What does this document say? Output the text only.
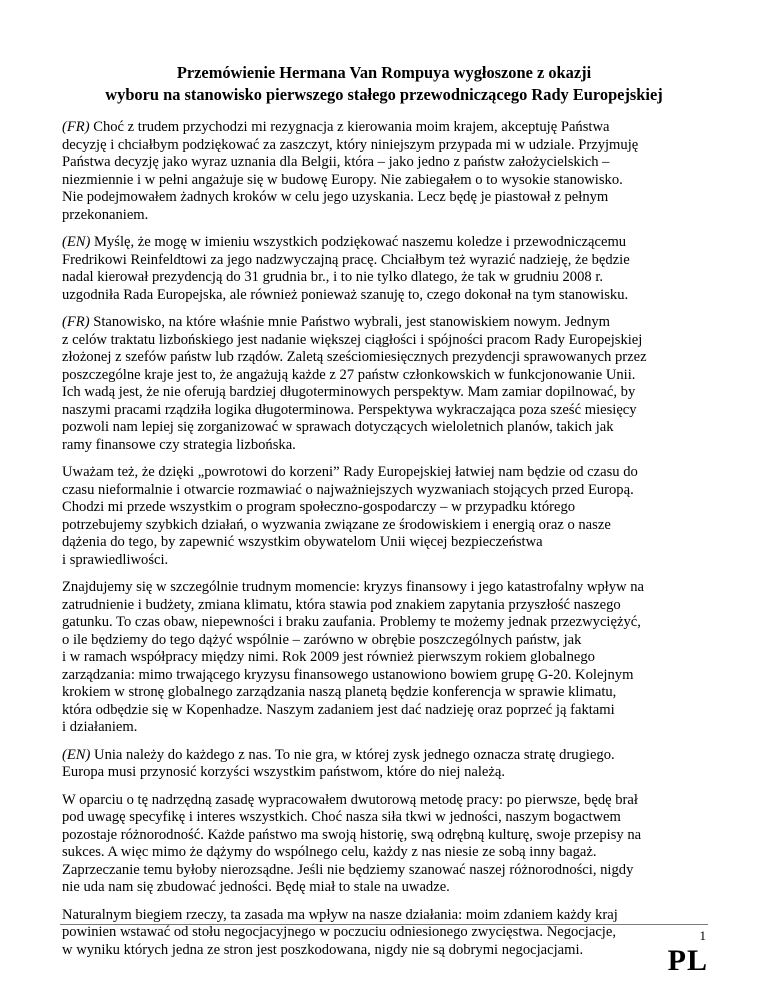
Przemówienie Hermana Van Rompuya wygłoszone z okazji
wyboru na stanowisko pierwszego stałego przewodniczącego Rady Europejskiej
(FR) Choć z trudem przychodzi mi rezygnacja z kierowania moim krajem, akceptuję Państwa
decyzję i chciałbym podziękować za zaszczyt, który niniejszym przypada mi w udziale. Przyjmuję
Państwa decyzję jako wyraz uznania dla Belgii, która – jako jedno z państw założycielskich –
niezmiennie i w pełni angażuje się w budowę Europy. Nie zabiegałem o to wysokie stanowisko.
Nie podejmowałem żadnych kroków w celu jego uzyskania. Lecz będę je piastował z pełnym
przekonaniem.
(EN) Myślę, że mogę w imieniu wszystkich podziękować naszemu koledze i przewodniczącemu
Fredrikowi Reinfeldtowi za jego nadzwyczajną pracę. Chciałbym też wyrazić nadzieję, że będzie
nadal kierował prezydencją do 31 grudnia br., i to nie tylko dlatego, że tak w grudniu 2008 r.
uzgodniła Rada Europejska, ale również ponieważ szanuję to, czego dokonał na tym stanowisku.
(FR) Stanowisko, na które właśnie mnie Państwo wybrali, jest stanowiskiem nowym. Jednym
z celów traktatu lizbońskiego jest nadanie większej ciągłości i spójności pracom Rady Europejskiej
złożonej z szefów państw lub rządów. Zaletą sześciomiesięcznych prezydencji sprawowanych przez
poszczególne kraje jest to, że angażują każde z 27 państw członkowskich w funkcjonowanie Unii.
Ich wadą jest, że nie oferują bardziej długoterminowych perspektyw. Mam zamiar dopilnować, by
naszymi pracami rządziła logika długoterminowa. Perspektywa wykraczająca poza sześć miesięcy
pozwoli nam lepiej się zorganizować w sprawach dotyczących wieloletnich planów, takich jak
ramy finansowe czy strategia lizbońska.
Uważam też, że dzięki „powrotowi do korzeni” Rady Europejskiej łatwiej nam będzie od czasu do
czasu nieformalnie i otwarcie rozmawiać o najważniejszych wyzwaniach stojących przed Europą.
Chodzi mi przede wszystkim o program społeczno-gospodarczy – w przypadku którego
potrzebujemy szybkich działań, o wyzwania związane ze środowiskiem i energią oraz o nasze
dążenia do tego, by zapewnić wszystkim obywatelom Unii więcej bezpieczeństwa
i sprawiedliwości.
Znajdujemy się w szczególnie trudnym momencie: kryzys finansowy i jego katastrofalny wpływ na
zatrudnienie i budżety, zmiana klimatu, która stawia pod znakiem zapytania przyszłość naszego
gatunku. To czas obaw, niepewności i braku zaufania. Problemy te możemy jednak przezwyciężyć,
o ile będziemy do tego dążyć wspólnie – zarówno w obrębie poszczególnych państw, jak
i w ramach współpracy między nimi. Rok 2009 jest również pierwszym rokiem globalnego
zarządzania: mimo trwającego kryzysu finansowego ustanowiono bowiem grupę G-20. Kolejnym
krokiem w stronę globalnego zarządzania naszą planetą będzie konferencja w sprawie klimatu,
która odbędzie się w Kopenhadze. Naszym zadaniem jest dać nadzieję oraz poprzeć ją faktami
i działaniem.
(EN) Unia należy do każdego z nas. To nie gra, w której zysk jednego oznacza stratę drugiego.
Europa musi przynosić korzyści wszystkim państwom, które do niej należą.
W oparciu o tę nadrzędną zasadę wypracowałem dwutorową metodę pracy: po pierwsze, będę brał
pod uwagę specyfikę i interes wszystkich. Choć nasza siła tkwi w jedności, naszym bogactwem
pozostaje różnorodność. Każde państwo ma swoją historię, swą odrębną kulturę, swoje przepisy na
sukces. A więc mimo że dążymy do wspólnego celu, każdy z nas niesie ze sobą inny bagaż.
Zaprzeczanie temu byłoby nierozsądne. Jeśli nie będziemy szanować naszej różnorodności, nigdy
nie uda nam się zbudować jedności. Będę miał to stale na uwadze.
Naturalnym biegiem rzeczy, ta zasada ma wpływ na nasze działania: moim zdaniem każdy kraj
powinien wstawać od stołu negocjacyjnego w poczuciu odniesionego zwycięstwa. Negocjacje,
w wyniku których jedna ze stron jest poszkodowana, nigdy nie są dobrymi negocjacjami.
1
PL
